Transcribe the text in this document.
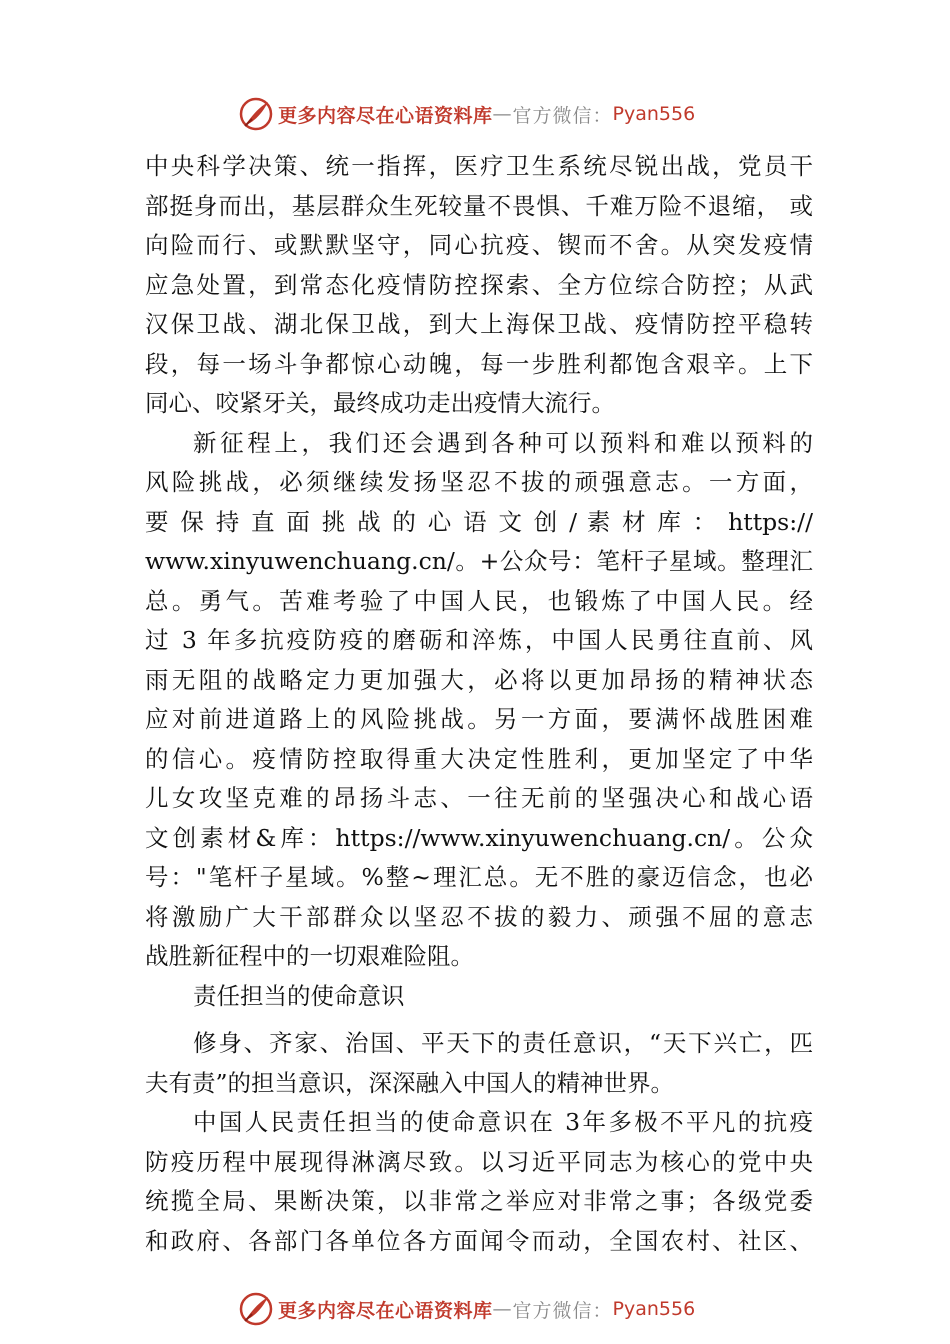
更多内容尽在心语资料库 — 官方微信： Pyan556
中央科学决策、统一指挥，医疗卫生系统尽锐出战，党员干
部挺身而出，基层群众生死较量不畏惧、千难万险不退缩， 或
向险而行、或默默坚守，同心抗疫、锲而不舍。从突发疫情
应急处置，到常态化疫情防控探索、全方位综合防控；从武
汉保卫战、湖北保卫战，到大上海保卫战、疫情防控平稳转
段，每一场斗争都惊心动魄，每一步胜利都饱含艰辛。上下
同心、咬紧牙关，最终成功走出疫情大流行。
新征程上，我们还会遇到各种可以预料和难以预料的
风险挑战，必须继续发扬坚忍不拔的顽强意志。一方面，
要 保 持 直 面 挑 战 的 心 语 文 创 / 素 材 库 ： https://
www.xinyuwenchuang.cn/。+公众号：笔杆子星域。整理汇
总。勇气。苦难考验了中国人民，也锻炼了中国人民。经
过 3 年多抗疫防疫的磨砺和淬炼，中国人民勇往直前、风
雨无阻的战略定力更加强大，必将以更加昂扬的精神状态
应对前进道路上的风险挑战。另一方面，要满怀战胜困难
的信心。疫情防控取得重大决定性胜利，更加坚定了中华
儿女攻坚克难的昂扬斗志、一往无前的坚强决心和战心语
文创素材&库：https://www.xinyuwenchuang.cn/。公众
号："笔杆子星域。%整~理汇总。无不胜的豪迈信念，也必
将激励广大干部群众以坚忍不拔的毅力、顽强不屈的意志
战胜新征程中的一切艰难险阻。
责任担当的使命意识
修身、齐家、治国、平天下的责任意识，“天下兴亡，匹
夫有责”的担当意识，深深融入中国人的精神世界。
中国人民责任担当的使命意识在 3年多极不平凡的抗疫
防疫历程中展现得淋漓尽致。以习近平同志为核心的党中央
统揽全局、果断决策，以非常之举应对非常之事；各级党委
和政府、各部门各单位各方面闻令而动，全国农村、社区、
更多内容尽在心语资料库 — 官方微信： Pyan556
